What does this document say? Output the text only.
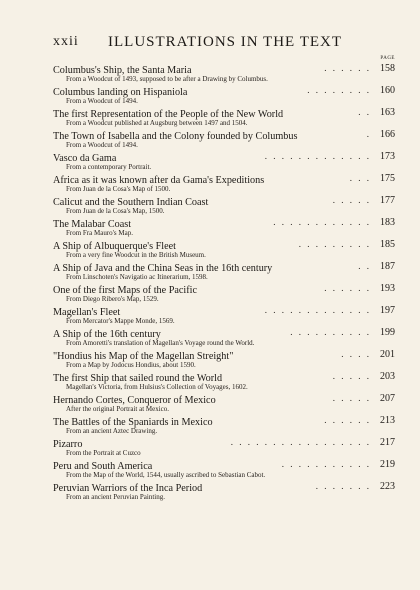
xxii ILLUSTRATIONS IN THE TEXT
PAGE
Columbus's Ship, the Santa Maria	. . . . . . 158
From a Woodcut of 1493, supposed to be after a Drawing by Columbus.
Columbus landing on Hispaniola	. . . . . . . . 160
From a Woodcut of 1494.
The first Representation of the People of the New World	. . 163
From a Woodcut published at Augsburg between 1497 and 1504.
The Town of Isabella and the Colony founded by Columbus	. 166
From a Woodcut of 1494.
Vasco da Gama	. . . . . . . . . . . . . 173
From a contemporary Portrait.
Africa as it was known after da Gama's Expeditions	. . . 175
From Juan de la Cosa's Map of 1500.
Calicut and the Southern Indian Coast	. . . . . 177
From Juan de la Cosa's Map, 1500.
The Malabar Coast	. . . . . . . . . . . . 183
From Fra Mauro's Map.
A Ship of Albuquerque's Fleet	. . . . . . . . . 185
From a very fine Woodcut in the British Museum.
A Ship of Java and the China Seas in the 16th century	. . 187
From Linschoten's Navigatio ac Itinerarium, 1598.
One of the first Maps of the Pacific	. . . . . . 193
From Diego Ribero's Map, 1529.
Magellan's Fleet	. . . . . . . . . . . . . 197
From Mercator's Mappe Monde, 1569.
A Ship of the 16th century	. . . . . . . . . . 199
From Amoretti's translation of Magellan's Voyage round the World.
"Hondius his Map of the Magellan Streight"	. . . . 201
From a Map by Jodocus Hondius, about 1590.
The first Ship that sailed round the World	. . . . . 203
Magellan's Victoria, from Hulsius's Collection of Voyages, 1602.
Hernando Cortes, Conqueror of Mexico	. . . . . 207
After the original Portrait at Mexico.
The Battles of the Spaniards in Mexico	. . . . . . 213
From an ancient Aztec Drawing.
Pizarro	. . . . . . . . . . . . . . . . . 217
From the Portrait at Cuzco
Peru and South America	. . . . . . . . . . . 219
From the Map of the World, 1544, usually ascribed to Sebastian Cabot.
Peruvian Warriors of the Inca Period	. . . . . . . 223
From an ancient Peruvian Painting.
